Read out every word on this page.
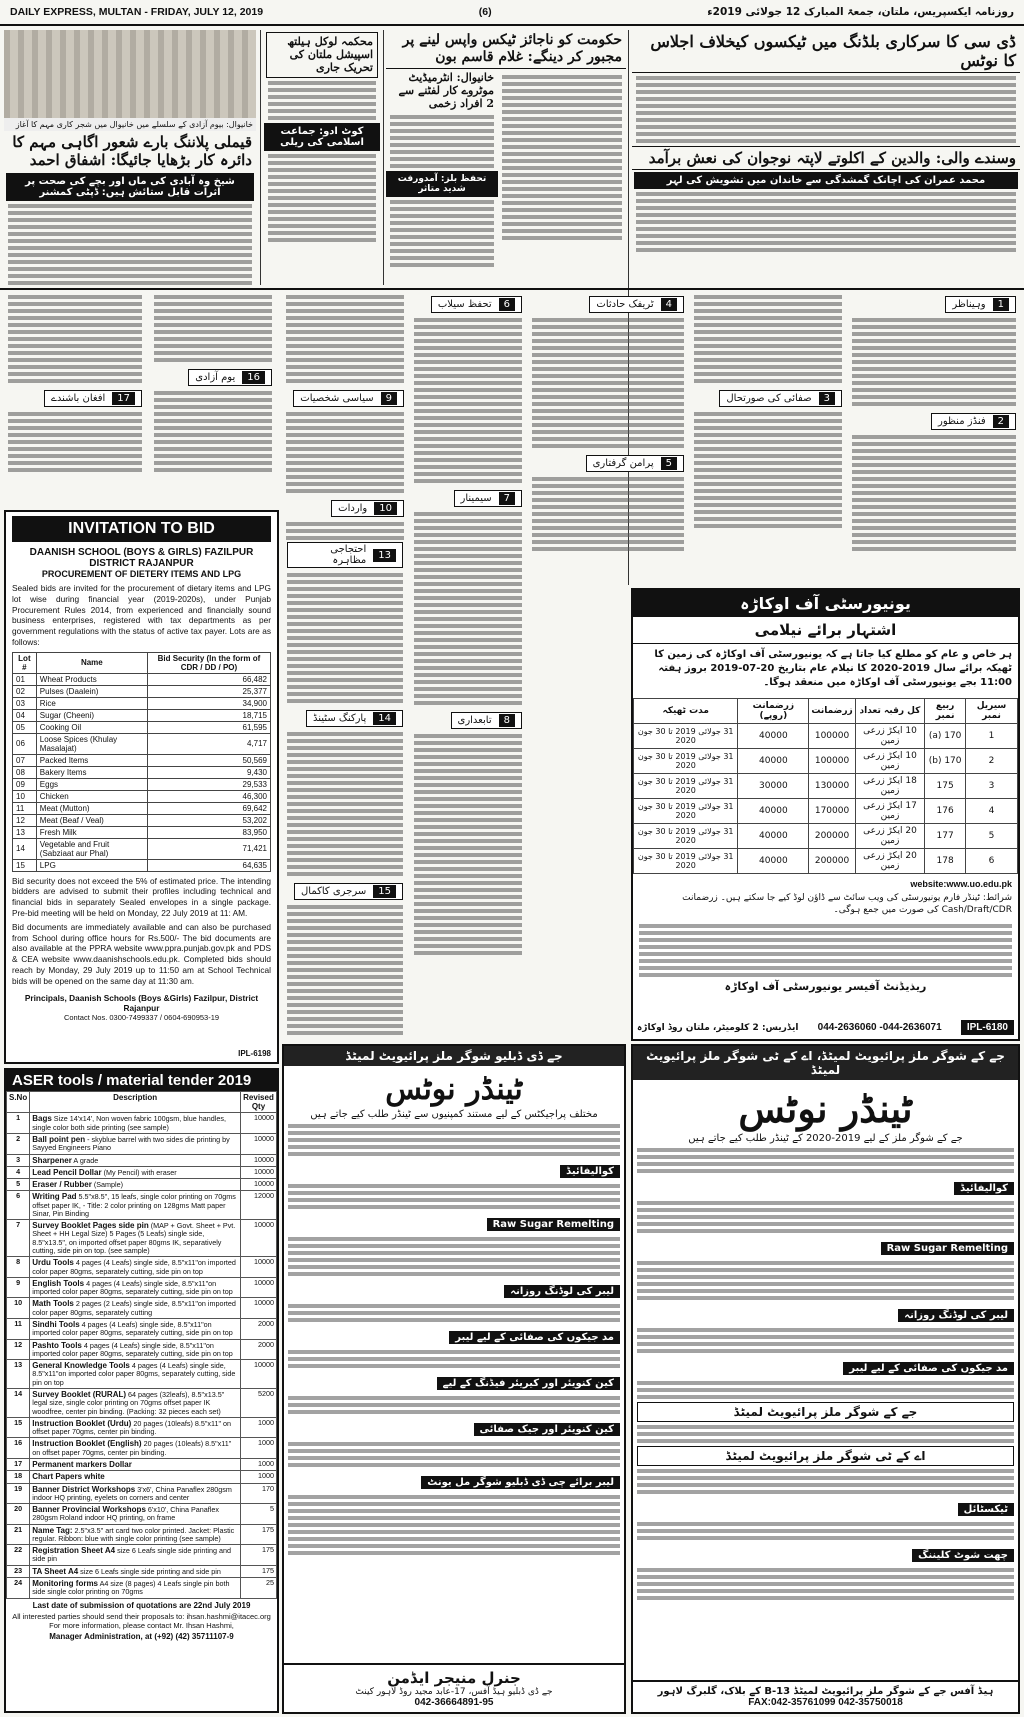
DAILY EXPRESS, MULTAN - FRIDAY, JULY 12, 2019	(6)	روزنامہ ایکسپریس، ملتان، جمعۃ المبارک 12 جولائی 2019ء
خانیوال: بیوم آزادی کے سلسلے میں خانیوال میں شجر کاری مہم کا آغاز
قیملی پلاننگ بارے شعور اگاہی مہم کا دائرہ کار بڑھایا جائیگا: اشفاق احمد
شیخ وہ آبادی کی ماں اور بچے کی صحت پر اثرات قابل ستائش ہیں: ڈپٹی کمشنر
محکمہ لوکل ہیلتھ اسپیشل ملتان کی تحریک جاری
کوٹ ادو: جماعت اسلامی کی ریلی
حکومت کو ناجائز ٹیکس واپس لینے پر مجبور کر دینگے: غلام قاسم بون
خانیوال: انٹرمیڈیٹ موٹروے کار لفٹنے سے 2 افراد زخمی
تحفظ بلز: آمدورفت شدید متاثر
ڈی سی کا سرکاری بلڈنگ میں ٹیکسوں کیخلاف اجلاس کا نوٹس
وسندے والی: والدین کے اکلوتے لاپتہ نوجوان کی نعش برآمد
محمد عمران کی اچانک گمشدگی سے خاندان میں تشویش کی لہر
1
وہیناظر
2
فنڈز منظور
3
صفائی کی صورتحال
4
ٹریفک حادثات
5
پرامن گرفتاری
6
تحفظ سیلاب
7
سیمینار
8
تابعداری
9
سیاسی شخصیات
10
واردات
16
یوم آزادی
17
افغان باشندے
INVITATION TO BID
DAANISH SCHOOL (BOYS & GIRLS) FAZILPUR DISTRICT RAJANPUR
PROCUREMENT OF DIETERY ITEMS AND LPG
Sealed bids are invited for the procurement of dietary items and LPG lot wise during financial year (2019-2020s), under Punjab Procurement Rules 2014, from experienced and financially sound business enterprises, registered with tax departments as per government regulations with the status of active tax payer. Lots are as follows:
Lot #	Name	Bid Security (In the form of CDR / DD / PO)
01	Wheat Products	66,482
02	Pulses (Daalein)	25,377
03	Rice	34,900
04	Sugar (Cheeni)	18,715
05	Cooking Oil	61,595
06	Loose Spices (Khulay Masalajat)	4,717
07	Packed Items	50,569
08	Bakery Items	9,430
09	Eggs	29,533
10	Chicken	46,300
11	Meat (Mutton)	69,642
12	Meat (Beaf / Veal)	53,202
13	Fresh Milk	83,950
14	Vegetable and Fruit (Sabziaat aur Phal)	71,421
15	LPG	64,635
Bid security does not exceed the 5% of estimated price. The intending bidders are advised to submit their profiles including technical and financial bids in separately Sealed envelopes in a single package. Pre-bid meeting will be held on Monday, 22 July 2019 at 11: AM.
Bid documents are immediately available and can also be purchased from School during office hours for Rs.500/- The bid documents are also available at the PPRA website www.ppra.punjab.gov.pk and PDS & CEA website www.daanishschools.edu.pk. Completed bids should reach by Monday, 29 July 2019 up to 11:50 am at School Technical bids will be opened on the same day at 11:30 am.
Principals, Daanish Schools (Boys &Girls) Fazilpur, District Rajanpur
Contact Nos. 0300-7499337 / 0604-690953-19
IPL-6198
ASER tools / material tender 2019
S.No	Description	Revised Qty
1	Bags Size 14'x14', Non woven fabric 100gsm, blue handles, single color both side printing (see sample)	10000
2	Ball point pen - skyblue barrel with two sides die printing by Sayyed Engineers Piano	10000
3	Sharpener A grade	10000
4	Lead Pencil Dollar (My Pencil) with eraser	10000
5	Eraser / Rubber (Sample)	10000
6	Writing Pad 5.5"x8.5", 15 leafs, single color printing on 70gms offset paper IK, - Title: 2 color printing on 128gms Matt paper Sinar, Pin Binding	12000
7	Survey Booklet Pages side pin (MAP + Govt. Sheet + Pvt. Sheet + HH Legal Size) 5 Pages (5 Leafs) single side, 8.5"x13.5", on imported offset paper 80gms IK, separatively cutting, side pin on top. (see sample)	10000
8	Urdu Tools 4 pages (4 Leafs) single side, 8.5"x11"on imported color paper 80gms, separately cutting, side pin on top	10000
9	English Tools 4 pages (4 Leafs) single side, 8.5"x11"on imported color paper 80gms, separately cutting, side pin on top	10000
10	Math Tools 2 pages (2 Leafs) single side, 8.5"x11"on imported color paper 80gms, separately cutting	10000
11	Sindhi Tools 4 pages (4 Leafs) single side, 8.5"x11"on imported color paper 80gms, separately cutting, side pin on top	2000
12	Pashto Tools 4 pages (4 Leafs) single side, 8.5"x11"on imported color paper 80gms, separately cutting, side pin on top	2000
13	General Knowledge Tools 4 pages (4 Leafs) single side, 8.5"x11"on imported color paper 80gms, separately cutting, side pin on top	10000
14	Survey Booklet (RURAL) 64 pages (32leafs), 8.5"x13.5" legal size, single color printing on 70gms offset paper IK woodfree, center pin binding. (Packing: 32 pieces each set)	5200
15	Instruction Booklet (Urdu) 20 pages (10leafs) 8.5"x11" on offset paper 70gms, center pin binding.	1000
16	Instruction Booklet (English) 20 pages (10leafs) 8.5"x11" on offset paper 70gms, center pin binding.	1000
17	Permanent markers Dollar	1000
18	Chart Papers white	1000
19	Banner District Workshops 3'x6', China Panaflex 280gsm indoor HQ printing, eyelets on corners and center	170
20	Banner Provincial Workshops 6'x10', China Panaflex 280gsm Roland indoor HQ printing, on frame	5
21	Name Tag: 2.5"x3.5" art card two color printed. Jacket: Plastic regular. Ribbon: blue with single color printing (see sample)	175
22	Registration Sheet A4 size 6 Leafs single side printing and side pin	175
23	TA Sheet A4 size 6 Leafs single side printing and side pin	175
24	Monitoring forms A4 size (8 pages) 4 Leafs single pin both side single color printing on 70gms	25
Last date of submission of quotations are 22nd July 2019
All interested parties should send their proposals to: ihsan.hashmi@itacec.org
For more information, please contact Mr. Ihsan Hashmi,
Manager Administration, at (+92) (42) 35711107-9
13
احتجاجی مظاہرہ
14
پارکنگ سٹینڈ
15
سرجری کاکمال
یونیورسٹی آف اوکاڑہ
اشتہار برائے نیلامی
ہر خاص و عام کو مطلع کیا جاتا ہے کہ یونیورسٹی آف اوکاڑہ کی زمین کا ٹھیکہ برائے سال 2019-2020 کا نیلام عام بتاریخ 20-07-2019 بروز ہفتہ 11:00 بجے یونیورسٹی آف اوکاڑہ میں منعقد ہوگا۔
سیریل نمبر	ربیع نمبر	کل رقبہ تعداد	زرضمانت	زرضمانت (روپے)	مدت ٹھیکہ
1	170 (a)	10 ایکڑ زرعی زمین	100000	40000	31 جولائی 2019 تا 30 جون 2020
2	170 (b)	10 ایکڑ زرعی زمین	100000	40000	31 جولائی 2019 تا 30 جون 2020
3	175	18 ایکڑ زرعی زمین	130000	30000	31 جولائی 2019 تا 30 جون 2020
4	176	17 ایکڑ زرعی زمین	170000	40000	31 جولائی 2019 تا 30 جون 2020
5	177	20 ایکڑ زرعی زمین	200000	40000	31 جولائی 2019 تا 30 جون 2020
6	178	20 ایکڑ زرعی زمین	200000	40000	31 جولائی 2019 تا 30 جون 2020
website:www.uo.edu.pk
شرائط: ٹینڈر فارم یونیورسٹی کی ویب سائٹ سے ڈاؤن لوڈ کیے جا سکتے ہیں۔ زرضمانت Cash/Draft/CDR کی صورت میں جمع ہوگی۔
ریذیڈنٹ آفیسر یونیورسٹی آف اوکاڑہ
IPL-6180
044-2636071- 044-2636060
ایڈریس: 2 کلومیٹر، ملتان روڈ اوکاڑہ
جے ڈی ڈبلیو شوگر ملز پرائیویٹ لمیٹڈ
ٹینڈر نوٹس
مختلف پراجیکٹس کے لیے مستند کمپنیوں سے ٹینڈر طلب کیے جاتے ہیں
کوالیفائیڈ
Raw Sugar Remelting
لیبر کی لوڈنگ روزانہ
مد جیکوں کی صفائی کے لیے لیبر
کین کنویئر اور کیریئر فیڈنگ کے لیے
کین کنویئر اور جیک صفائی
لیبر برائے چی ڈی ڈبلیو شوگر مل یونٹ
جنرل منیجر ایڈمن
جے ڈی ڈبلیو ہیڈ آفس، 17-عابد مجید روڈ لاہور کینٹ
042-36664891-95
جے کے شوگر ملز پرائیویٹ لمیٹڈ، اے کے ٹی شوگر ملز پرائیویٹ لمیٹڈ
ٹینڈر نوٹس
جے کے شوگر ملز کے لیے 2019-2020 کے ٹینڈر طلب کیے جاتے ہیں
کوالیفائیڈ
Raw Sugar Remelting
لیبر کی لوڈنگ روزانہ
مد جیکوں کی صفائی کے لیے لیبر
جے کے شوگر ملز پرائیویٹ لمیٹڈ
اے کے ٹی شوگر ملز پرائیویٹ لمیٹڈ
ٹیکسٹائل
چھت شوٹ کلیننگ
ہیڈ آفس جے کے شوگر ملز پرائیویٹ لمیٹڈ 13-B کے بلاک، گلبرگ لاہور
FAX:042-35761099 042-35750018
